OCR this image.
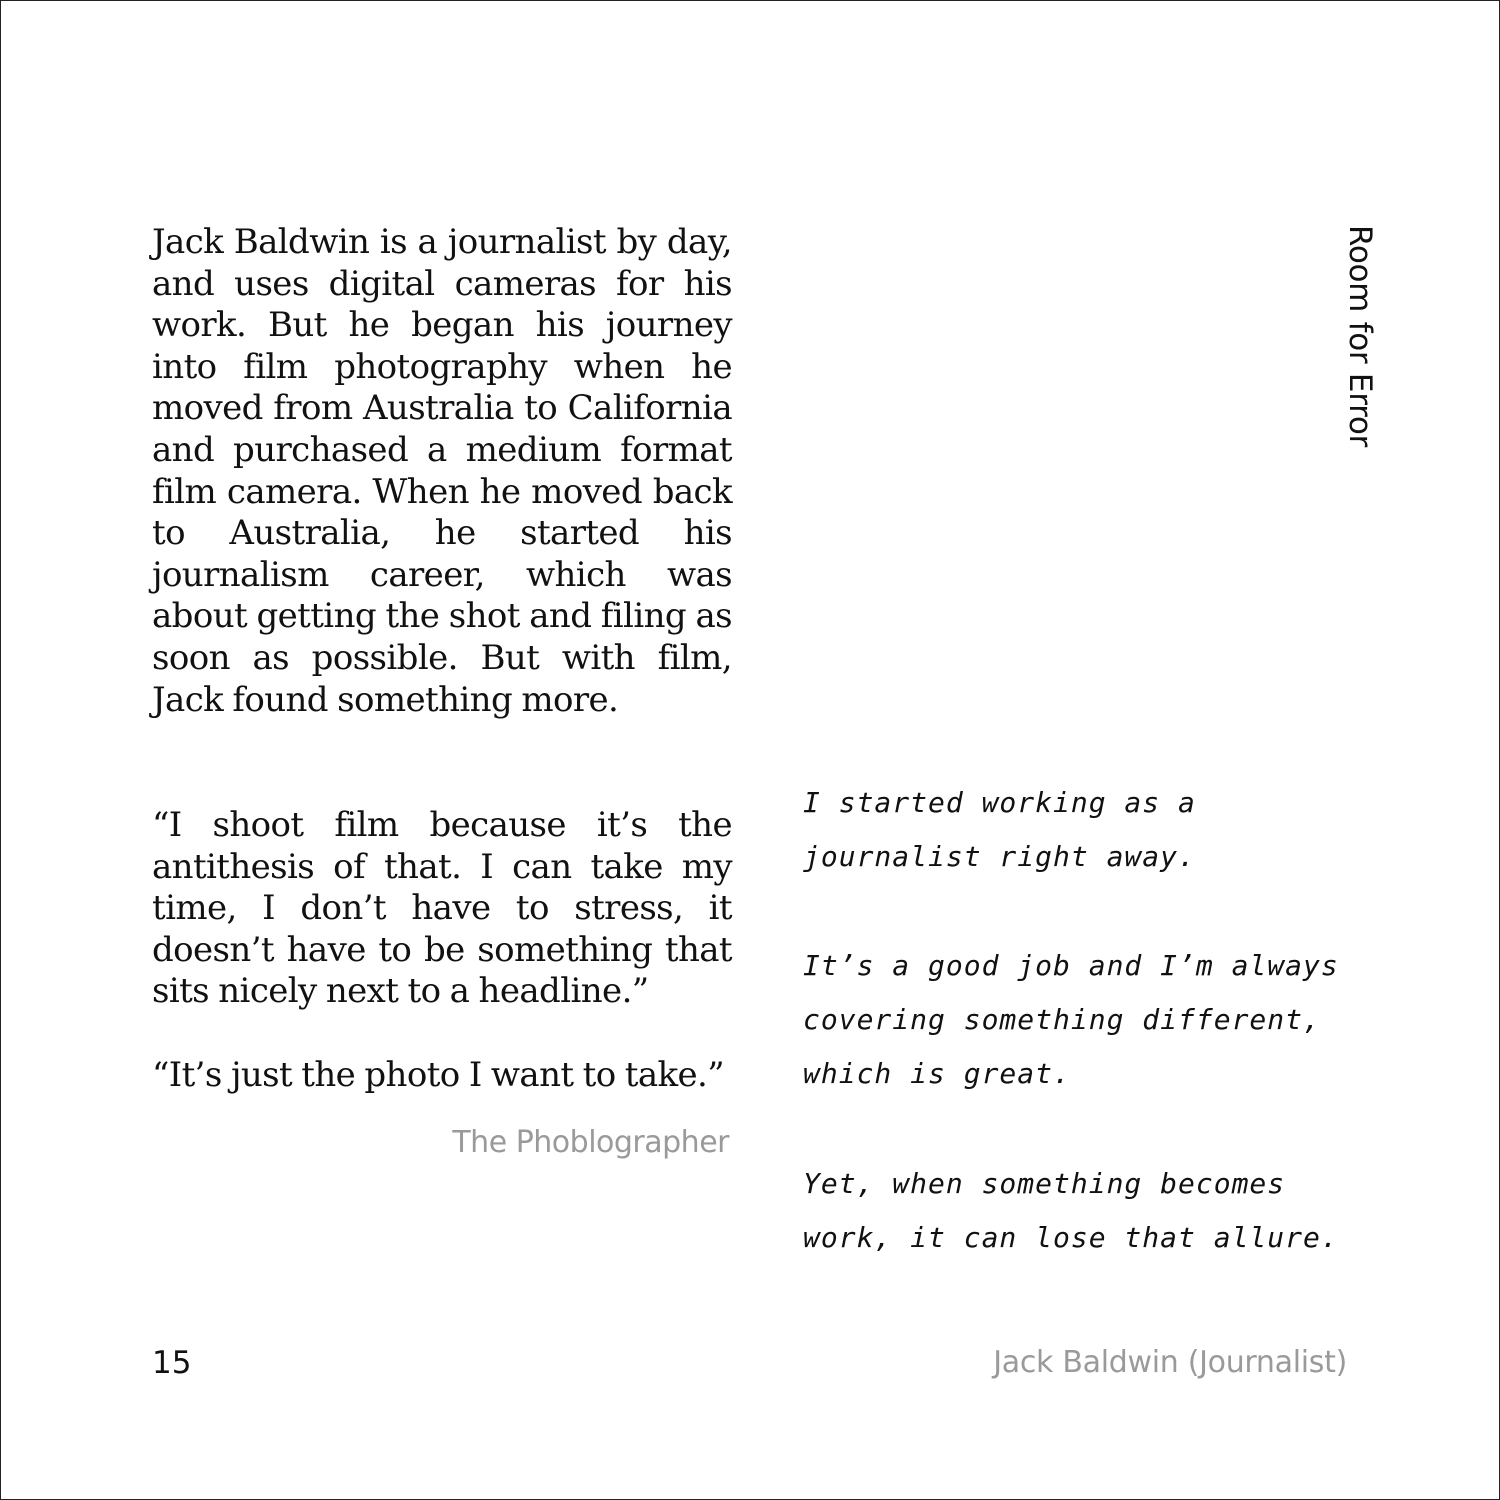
Jack Baldwin is a journalist by day, and uses digital cameras for his work. But he began his journey into film photography when he moved from Australia to California and purchased a medium format film camera. When he moved back to Australia, he started his journalism career, which was about getting the shot and filing as soon as possible. But with film, Jack found something more.

“I shoot film because it’s the antithesis of that. I can take my time, I don’t have to stress, it doesn’t have to be something that sits nicely next to a headline.”

“It’s just the photo I want to take.”

The Phoblographer
Room for Error

I started working as a journalist right away.

It’s a good job and I’m always covering something different, which is great.

Yet, when something becomes work, it can lose that allure.

15	Jack Baldwin (Journalist)
